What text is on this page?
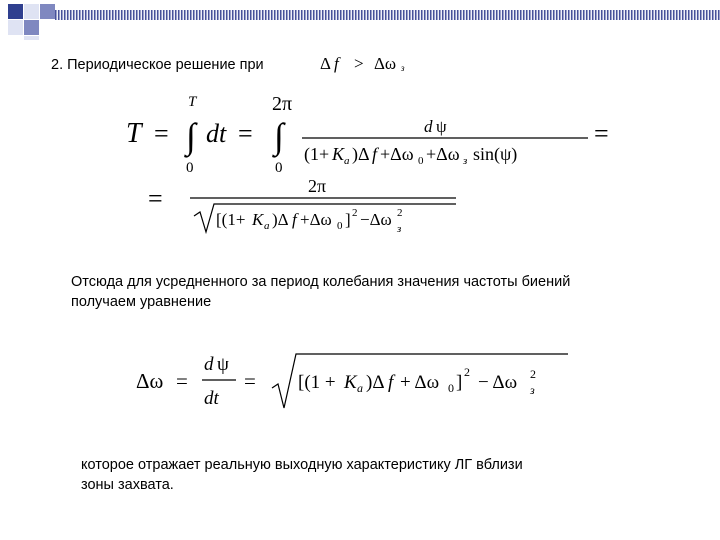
2. Периодическое решение при	Δ f > Δω з
T =
T
∫
0
dt =
2π
∫
0
d ψ
(1+ K a )Δ f +Δω 0 +Δω з sin(ψ)
=
=	2π
[(1+ K a )Δ f +Δω 0 ] 2 −Δω 2
з
Отсюда для усредненного за период колебания значения частоты биений
получаем уравнение
Δω =
d ψ
dt
= [(1 + K a )Δ f + Δω 0 ] 2 − Δω 2
з
которое отражает реальную выходную характеристику ЛГ вблизи
зоны захвата.
